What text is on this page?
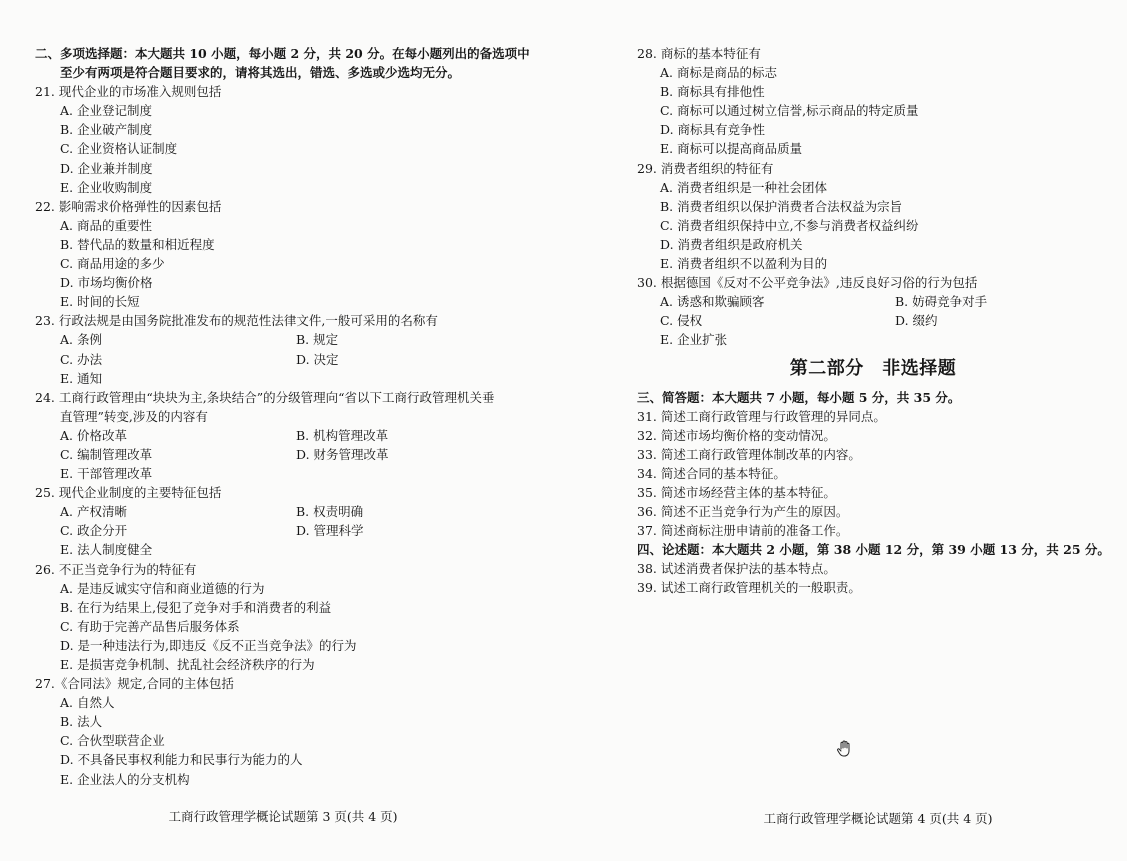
二、多项选择题：本大题共 10 小题，每小题 2 分，共 20 分。在每小题列出的备选项中
至少有两项是符合题目要求的，请将其选出，错选、多选或少选均无分。
21. 现代企业的市场准入规则包括
A. 企业登记制度
B. 企业破产制度
C. 企业资格认证制度
D. 企业兼并制度
E. 企业收购制度
22. 影响需求价格弹性的因素包括
A. 商品的重要性
B. 替代品的数量和相近程度
C. 商品用途的多少
D. 市场均衡价格
E. 时间的长短
23. 行政法规是由国务院批准发布的规范性法律文件,一般可采用的名称有
A. 条例	B. 规定
C. 办法	D. 决定
E. 通知
24. 工商行政管理由“块块为主,条块结合”的分级管理向“省以下工商行政管理机关垂
直管理”转变,涉及的内容有
A. 价格改革	B. 机构管理改革
C. 编制管理改革	D. 财务管理改革
E. 干部管理改革
25. 现代企业制度的主要特征包括
A. 产权清晰	B. 权责明确
C. 政企分开	D. 管理科学
E. 法人制度健全
26. 不正当竞争行为的特征有
A. 是违反诚实守信和商业道德的行为
B. 在行为结果上,侵犯了竞争对手和消费者的利益
C. 有助于完善产品售后服务体系
D. 是一种违法行为,即违反《反不正当竞争法》的行为
E. 是损害竞争机制、扰乱社会经济秩序的行为
27.《合同法》规定,合同的主体包括
A. 自然人
B. 法人
C. 合伙型联营企业
D. 不具备民事权利能力和民事行为能力的人
E. 企业法人的分支机构
工商行政管理学概论试题第 3 页(共 4 页)
28. 商标的基本特征有
A. 商标是商品的标志
B. 商标具有排他性
C. 商标可以通过树立信誉,标示商品的特定质量
D. 商标具有竞争性
E. 商标可以提高商品质量
29. 消费者组织的特征有
A. 消费者组织是一种社会团体
B. 消费者组织以保护消费者合法权益为宗旨
C. 消费者组织保持中立,不参与消费者权益纠纷
D. 消费者组织是政府机关
E. 消费者组织不以盈利为目的
30. 根据德国《反对不公平竞争法》,违反良好习俗的行为包括
A. 诱惑和欺骗顾客	B. 妨碍竞争对手
C. 侵权	D. 缀约
E. 企业扩张
第二部分　非选择题
三、简答题：本大题共 7 小题，每小题 5 分，共 35 分。
31. 简述工商行政管理与行政管理的异同点。
32. 简述市场均衡价格的变动情况。
33. 简述工商行政管理体制改革的内容。
34. 简述合同的基本特征。
35. 简述市场经营主体的基本特征。
36. 简述不正当竞争行为产生的原因。
37. 简述商标注册申请前的准备工作。
四、论述题：本大题共 2 小题，第 38 小题 12 分，第 39 小题 13 分，共 25 分。
38. 试述消费者保护法的基本特点。
39. 试述工商行政管理机关的一般职责。
工商行政管理学概论试题第 4 页(共 4 页)
